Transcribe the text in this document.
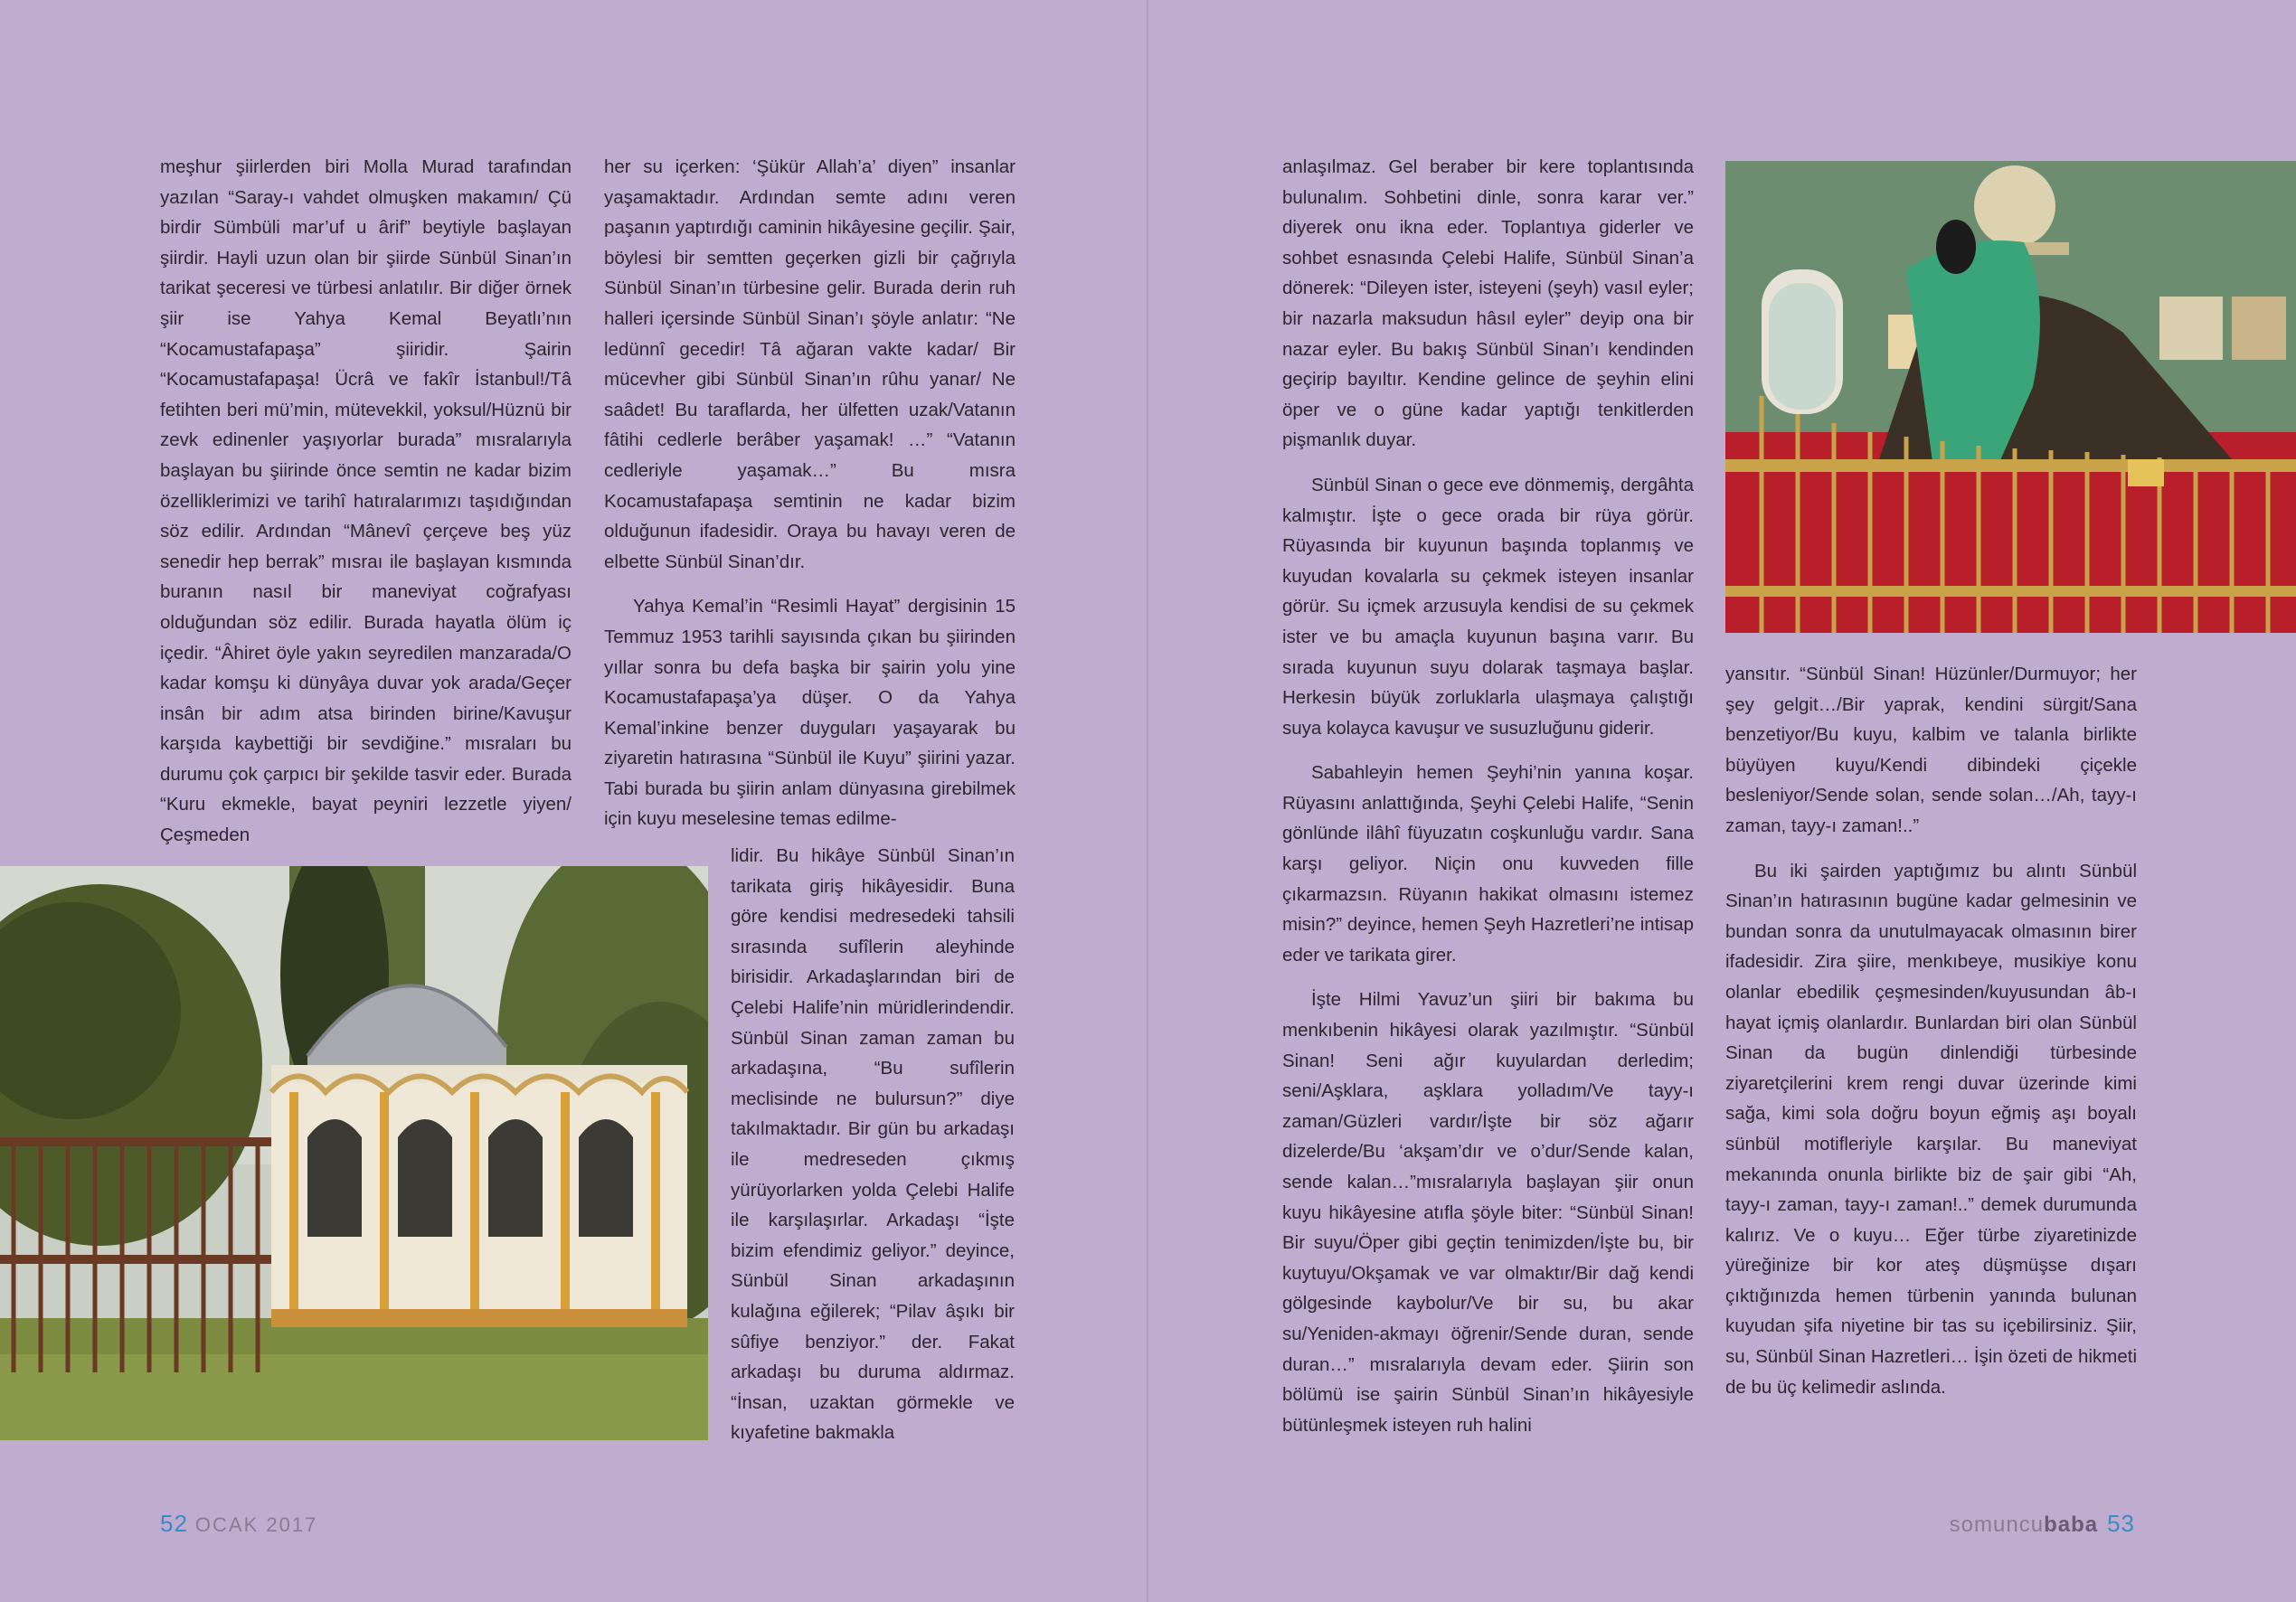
meşhur şiirlerden biri Molla Murad tarafından yazılan “Saray-ı vahdet olmuşken makamın/ Çü birdir Sümbüli mar’uf u ârif” beytiyle başlayan şiirdir. Hayli uzun olan bir şiirde Sünbül Sinan’ın tarikat şeceresi ve türbesi anlatılır. Bir diğer örnek şiir ise Yahya Kemal Beyatlı’nın “Kocamustafapaşa” şiiridir. Şairin “Kocamustafapaşa! Ücrâ ve fakîr İstanbul!/Tâ fetihten beri mü’min, mütevekkil, yoksul/Hüznü bir zevk edinenler yaşıyorlar burada” mısralarıyla başlayan bu şiirinde önce semtin ne kadar bizim özelliklerimizi ve tarihî hatıralarımızı taşıdığından söz edilir. Ardından “Mânevî çerçeve beş yüz senedir hep berrak” mısraı ile başlayan kısmında buranın nasıl bir maneviyat coğrafyası olduğundan söz edilir. Burada hayatla ölüm iç içedir. “Âhiret öyle yakın seyredilen manzarada/O kadar komşu ki dünyâya duvar yok arada/Geçer insân bir adım atsa birinden birine/Kavuşur karşıda kaybettiği bir sevdiğine.” mısraları bu durumu çok çarpıcı bir şekilde tasvir eder. Burada “Kuru ekmekle, bayat peyniri lezzetle yiyen/Çeşmeden

her su içerken: ‘Şükür Allah’a’ diyen” insanlar yaşamaktadır. Ardından semte adını veren paşanın yaptırdığı caminin hikâyesine geçilir. Şair, böylesi bir semtten geçerken gizli bir çağrıyla Sünbül Sinan’ın türbesine gelir. Burada derin ruh halleri içersinde Sünbül Sinan’ı şöyle anlatır: “Ne ledünnî gecedir! Tâ ağaran vakte kadar/ Bir mücevher gibi Sünbül Sinan’ın rûhu yanar/ Ne saâdet! Bu taraflarda, her ülfetten uzak/Vatanın fâtihi cedlerle berâber yaşamak! …” “Vatanın cedleriyle yaşamak…” Bu mısra Kocamustafapaşa semtinin ne kadar bizim olduğunun ifadesidir. Oraya bu havayı veren de elbette Sünbül Sinan’dır.

Yahya Kemal’in “Resimli Hayat” dergisinin 15 Temmuz 1953 tarihli sayısında çıkan bu şiirinden yıllar sonra bu defa başka bir şairin yolu yine Kocamustafapaşa’ya düşer. O da Yahya Kemal’inkine benzer duyguları yaşayarak bu ziyaretin hatırasına “Sünbül ile Kuyu” şiirini yazar. Tabi burada bu şiirin anlam dünyasına girebilmek için kuyu meselesine temas edilme-

lidir. Bu hikâye Sünbül Sinan’ın tarikata giriş hikâyesidir. Buna göre kendisi medresedeki tahsili sırasında sufîlerin aleyhinde birisidir. Arkadaşlarından biri de Çelebi Halife’nin müridlerindendir. Sünbül Sinan zaman zaman bu arkadaşına, “Bu sufîlerin meclisinde ne bulursun?” diye takılmaktadır. Bir gün bu arkadaşı ile medreseden çıkmış yürüyorlarken yolda Çelebi Halife ile karşılaşırlar. Arkadaşı “İşte bizim efendimiz geliyor.” deyince, Sünbül Sinan arkadaşının kulağına eğilerek; “Pilav âşıkı bir sûfiye benziyor.” der. Fakat arkadaşı bu duruma aldırmaz. “İnsan, uzaktan görmekle ve kıyafetine bakmakla

52 OCAK 2017

anlaşılmaz. Gel beraber bir kere toplantısında bulunalım. Sohbetini dinle, sonra karar ver.” diyerek onu ikna eder. Toplantıya giderler ve sohbet esnasında Çelebi Halife, Sünbül Sinan’a dönerek: “Dileyen ister, isteyeni (şeyh) vasıl eyler; bir nazarla maksudun hâsıl eyler” deyip ona bir nazar eyler. Bu bakış Sünbül Sinan’ı kendinden geçirip bayıltır. Kendine gelince de şeyhin elini öper ve o güne kadar yaptığı tenkitlerden pişmanlık duyar.

Sünbül Sinan o gece eve dönmemiş, dergâhta kalmıştır. İşte o gece orada bir rüya görür. Rüyasında bir kuyunun başında toplanmış ve kuyudan kovalarla su çekmek isteyen insanlar görür. Su içmek arzusuyla kendisi de su çekmek ister ve bu amaçla kuyunun başına varır. Bu sırada kuyunun suyu dolarak taşmaya başlar. Herkesin büyük zorluklarla ulaşmaya çalıştığı suya kolayca kavuşur ve susuzluğunu giderir.

Sabahleyin hemen Şeyhi’nin yanına koşar. Rüyasını anlattığında, Şeyhi Çelebi Halife, “Senin gönlünde ilâhî füyuzatın coşkunluğu vardır. Sana karşı geliyor. Niçin onu kuvveden fille çıkarmazsın. Rüyanın hakikat olmasını istemez misin?” deyince, hemen Şeyh Hazretleri’ne intisap eder ve tarikata girer.

İşte Hilmi Yavuz’un şiiri bir bakıma bu menkıbenin hikâyesi olarak yazılmıştır. “Sünbül Sinan! Seni ağır kuyulardan derledim; seni/Aşklara, aşklara yolladım/Ve tayy-ı zaman/Güzleri vardır/İşte bir söz ağarır dizelerde/Bu ‘akşam’dır ve o’dur/Sende kalan, sende kalan…”mısralarıyla başlayan şiir onun kuyu hikâyesine atıfla şöyle biter: “Sünbül Sinan! Bir suyu/Öper gibi geçtin tenimizden/İşte bu, bir kuytuyu/Okşamak ve var olmaktır/Bir dağ kendi gölgesinde kaybolur/Ve bir su, bu akar su/Yeniden-akmayı öğrenir/Sende duran, sende duran…” mısralarıyla devam eder. Şiirin son bölümü ise şairin Sünbül Sinan’ın hikâyesiyle bütünleşmek isteyen ruh halini

yansıtır. “Sünbül Sinan! Hüzünler/Durmuyor; her şey gelgit…/Bir yaprak, kendini sürgit/Sana benzetiyor/Bu kuyu, kalbim ve talanla birlikte büyüyen kuyu/Kendi dibindeki çiçekle besleniyor/Sende solan, sende solan…/Ah, tayy-ı zaman, tayy-ı zaman!..”

Bu iki şairden yaptığımız bu alıntı Sünbül Sinan’ın hatırasının bugüne kadar gelmesinin ve bundan sonra da unutulmayacak olmasının birer ifadesidir. Zira şiire, menkıbeye, musikiye konu olanlar ebedilik çeşmesinden/kuyusundan âb-ı hayat içmiş olanlardır. Bunlardan biri olan Sünbül Sinan da bugün dinlendiği türbesinde ziyaretçilerini krem rengi duvar üzerinde kimi sağa, kimi sola doğru boyun eğmiş aşı boyalı sünbül motifleriyle karşılar. Bu maneviyat mekanında onunla birlikte biz de şair gibi “Ah, tayy-ı zaman, tayy-ı zaman!..” demek durumunda kalırız. Ve o kuyu… Eğer türbe ziyaretinizde yüreğinize bir kor ateş düşmüşse dışarı çıktığınızda hemen türbenin yanında bulunan kuyudan şifa niyetine bir tas su içebilirsiniz. Şiir, su, Sünbül Sinan Hazretleri… İşin özeti de hikmeti de bu üç kelimedir aslında.

somuncubaba 53
